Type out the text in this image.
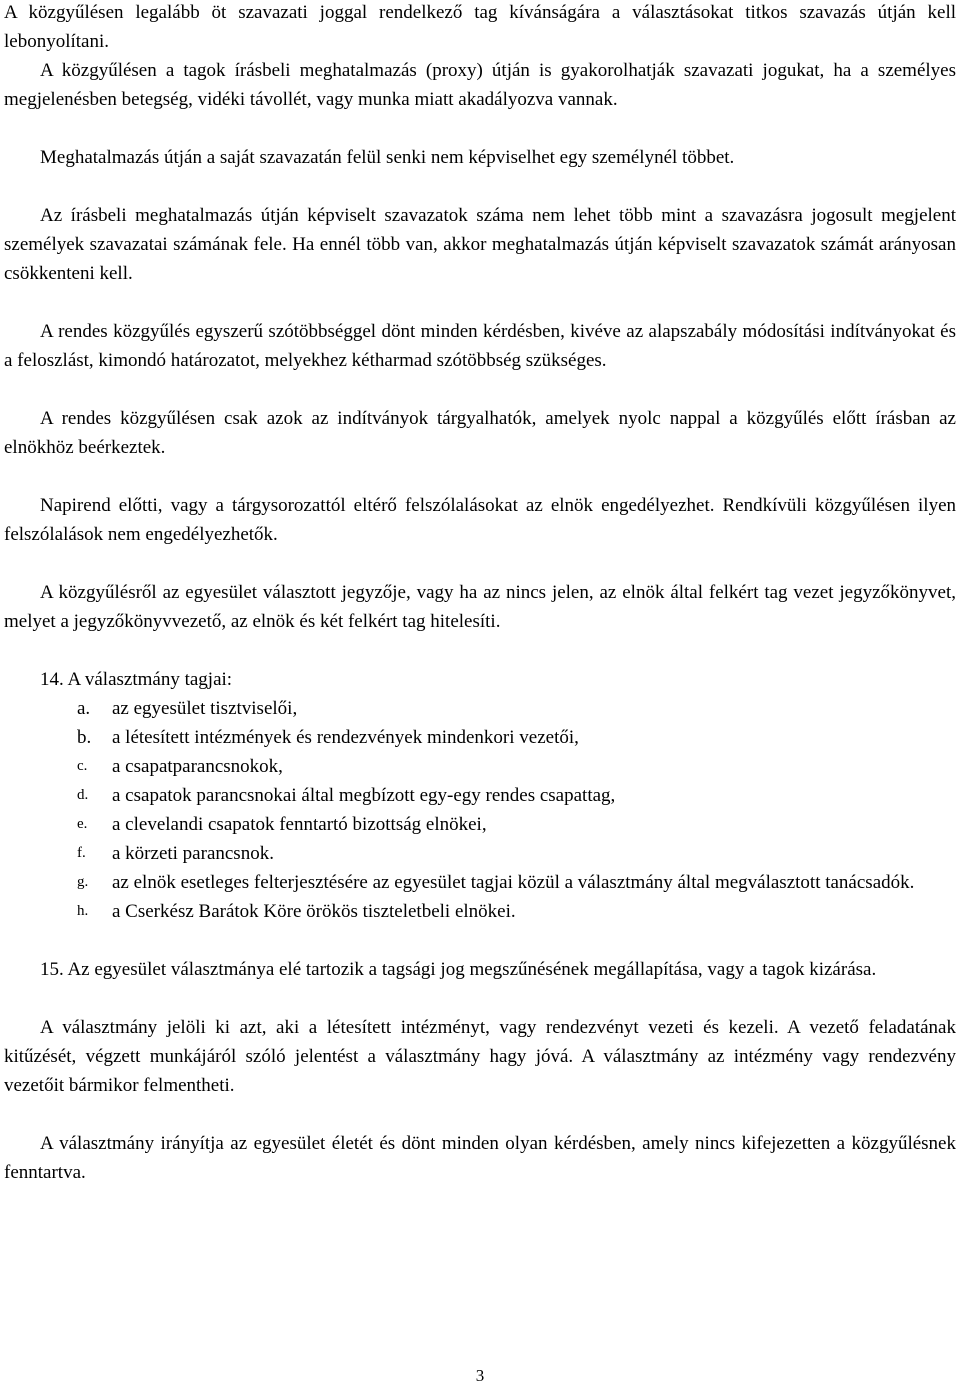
A közgyűlésen legalább öt szavazati joggal rendelkező tag kívánságára a választásokat titkos szavazás útján kell lebonyolítani.

A közgyűlésen a tagok írásbeli meghatalmazás (proxy) útján is gyakorolhatják szavazati jogukat, ha a személyes megjelenésben betegség, vidéki távollét, vagy munka miatt akadályozva vannak.

Meghatalmazás útján a saját szavazatán felül senki nem képviselhet egy személynél többet.

Az írásbeli meghatalmazás útján képviselt szavazatok száma nem lehet több mint a szavazásra jogosult megjelent személyek szavazatai számának fele. Ha ennél több van, akkor meghatalmazás útján képviselt szavazatok számát arányosan csökkenteni kell.

A rendes közgyűlés egyszerű szótöbbséggel dönt minden kérdésben, kivéve az alapszabály módosítási indítványokat és a feloszlást, kimondó határozatot, melyekhez kétharmad szótöbbség szükséges.

A rendes közgyűlésen csak azok az indítványok tárgyalhatók, amelyek nyolc nappal a közgyűlés előtt írásban az elnökhöz beérkeztek.

Napirend előtti, vagy a tárgysorozattól eltérő felszólalásokat az elnök engedélyezhet. Rendkívüli közgyűlésen ilyen felszólalások nem engedélyezhetők.

A közgyűlésről az egyesület választott jegyzője, vagy ha az nincs jelen, az elnök által felkért tag vezet jegyzőkönyvet, melyet a jegyzőkönyvvezető, az elnök és két felkért tag hitelesíti.

14. A választmány tagjai:

a. az egyesület tisztviselői,
b. a létesített intézmények és rendezvények mindenkori vezetői,
c. a csapatparancsnokok,
d. a csapatok parancsnokai által megbízott egy-egy rendes csapattag,
e. a clevelandi csapatok fenntartó bizottság elnökei,
f. a körzeti parancsnok.
g. az elnök esetleges felterjesztésére az egyesület tagjai közül a választmány által megválasztott tanácsadók.
h. a Cserkész Barátok Köre örökös tiszteletbeli elnökei.

15. Az egyesület választmánya elé tartozik a tagsági jog megszűnésének megállapítása, vagy a tagok kizárása.

A választmány jelöli ki azt, aki a létesített intézményt, vagy rendezvényt vezeti és kezeli. A vezető feladatának kitűzését, végzett munkájáról szóló jelentést a választmány hagy jóvá. A választmány az intézmény vagy rendezvény vezetőit bármikor felmentheti.

A választmány irányítja az egyesület életét és dönt minden olyan kérdésben, amely nincs kifejezetten a közgyűlésnek fenntartva.

3
